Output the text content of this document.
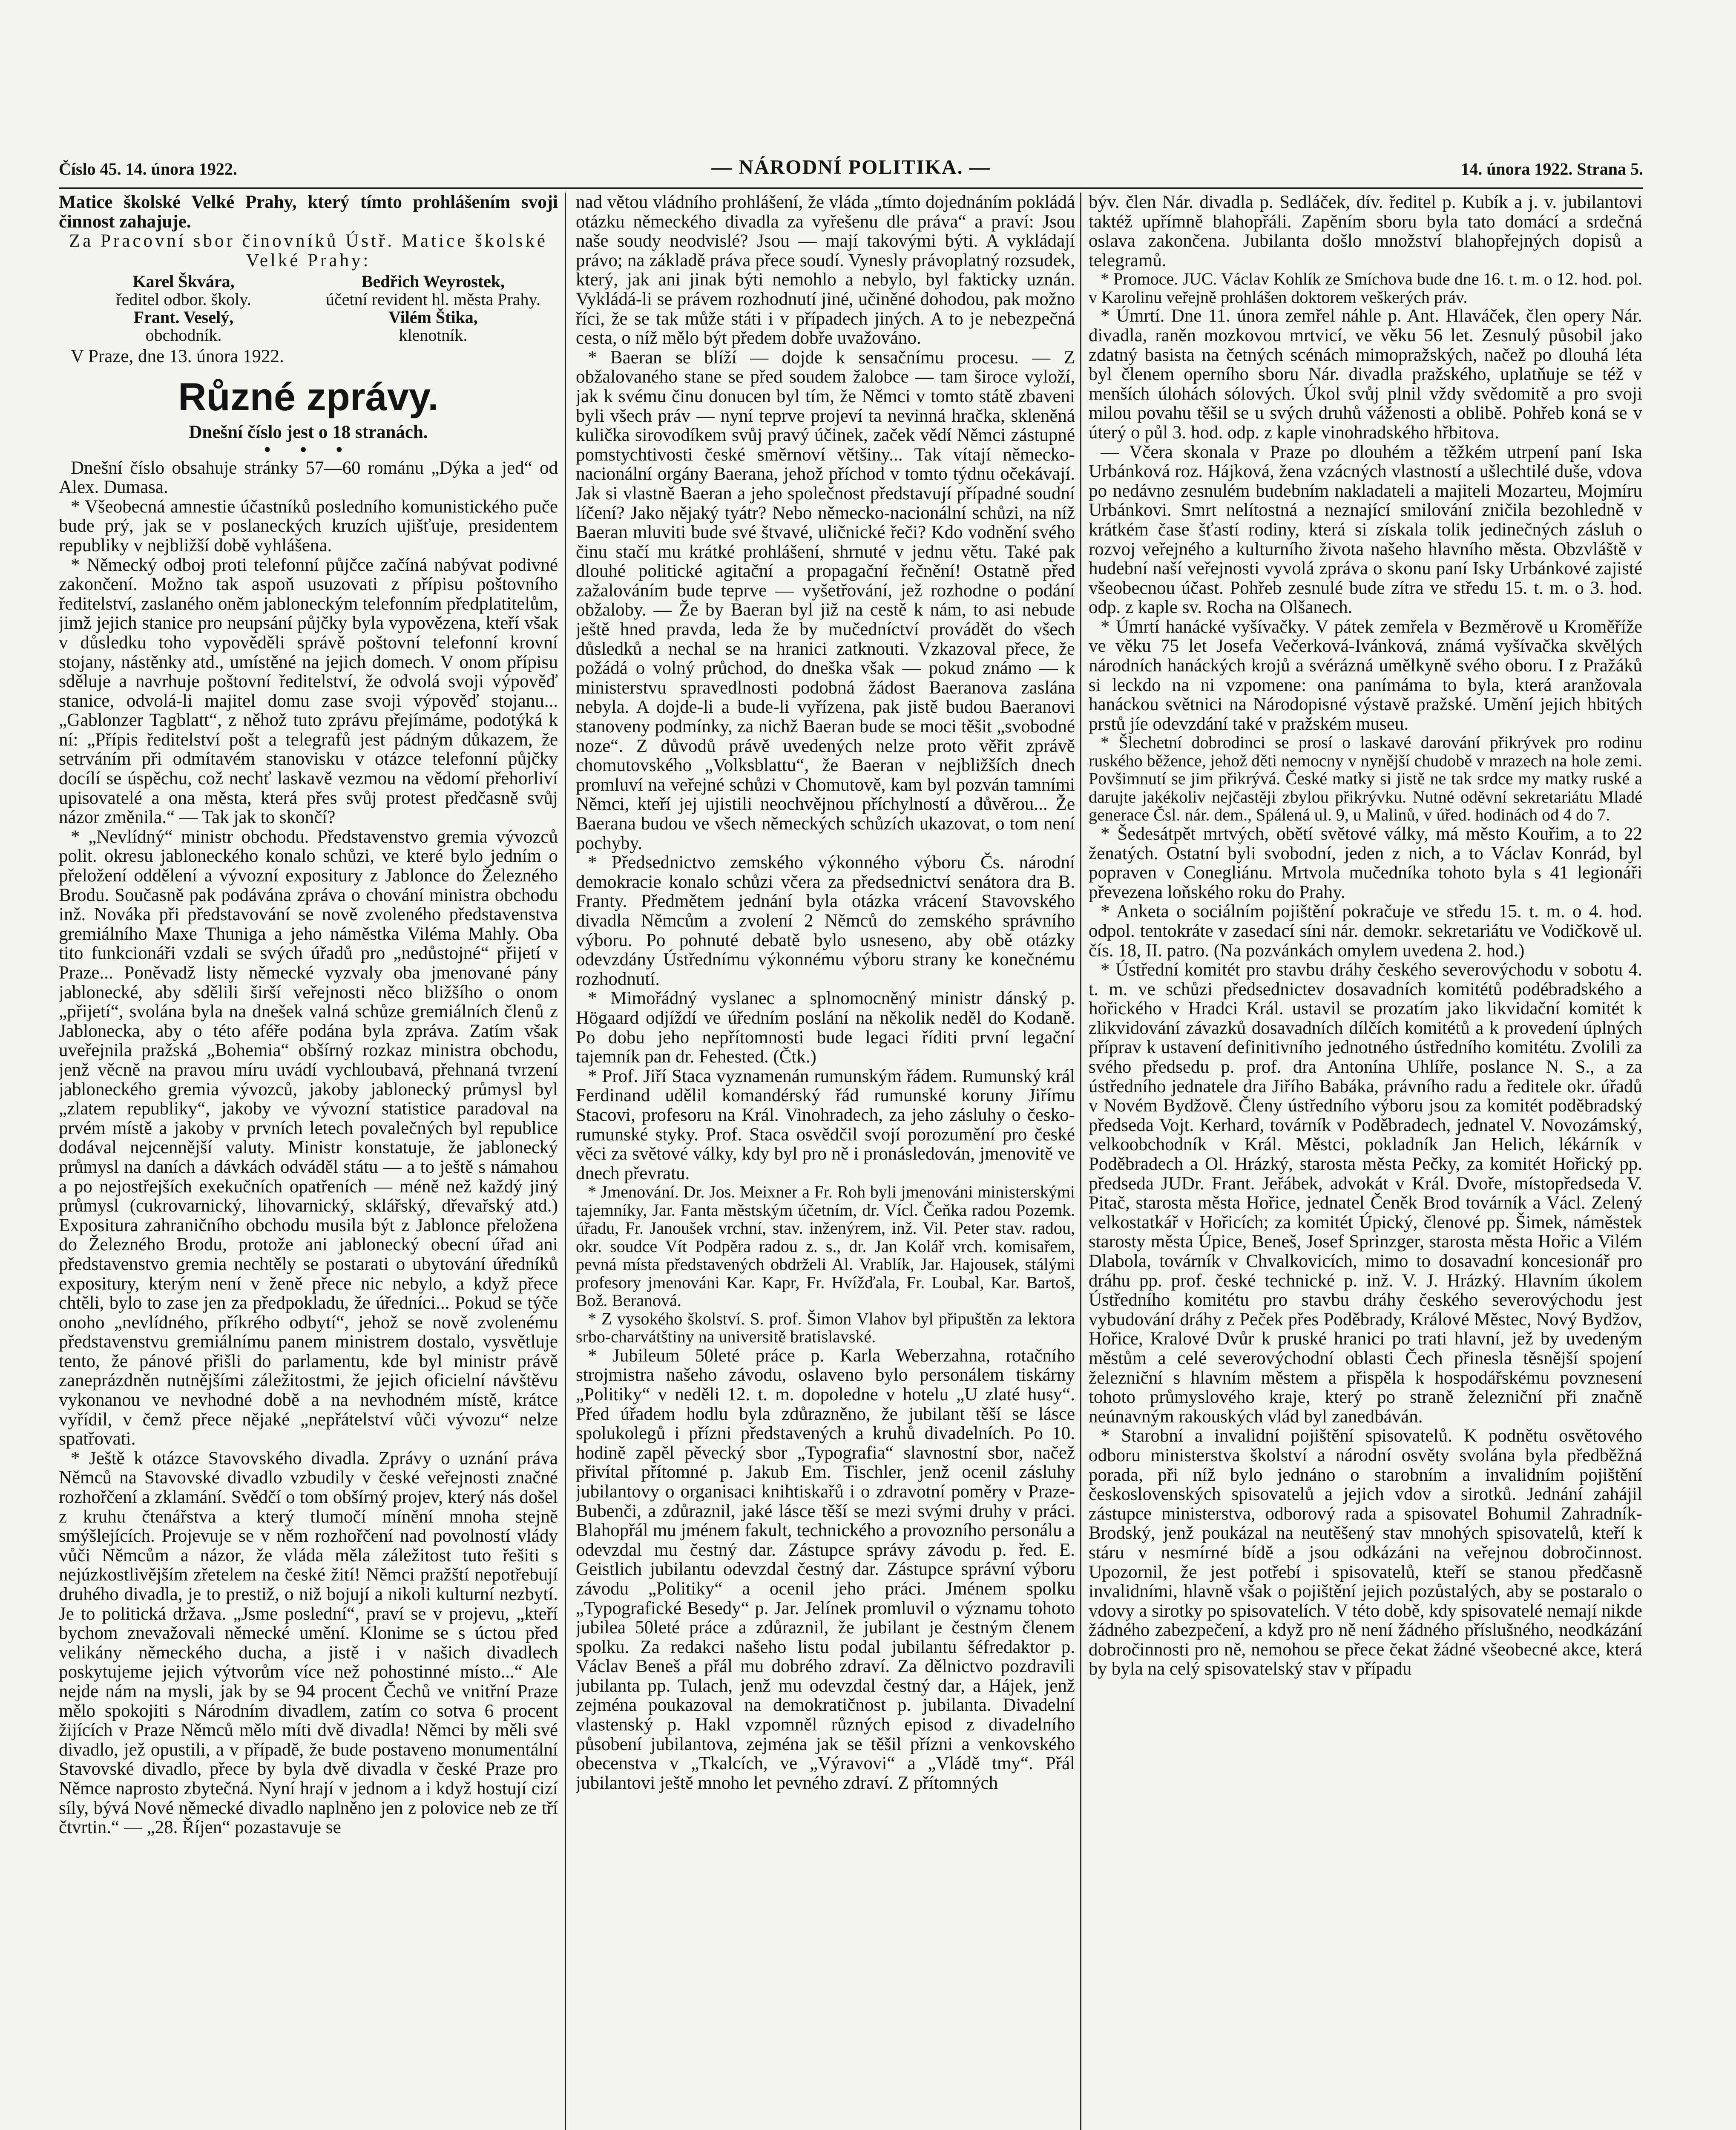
Číslo 45. 14. února 1922.	— NÁRODNÍ POLITIKA. —	14. února 1922. Strana 5.

Matice školské Velké Prahy, který tímto prohlášením svoji činnost zahajuje.

Za Pracovní sbor činovníků Ústř. Matice školské Velké Prahy:

Karel Škvára,
ředitel odbor. školy.
Bedřich Weyrostek,
účetní revident hl. města Prahy.
Frant. Veselý,
obchodník.
Vilém Štika,
klenotník.

V Praze, dne 13. února 1922.

Různé zprávy.

Dnešní číslo jest o 18 stranách.

• • •

Dnešní číslo obsahuje stránky 57—60 románu „Dýka a jed“ od Alex. Dumasa.

* Všeobecná amnestie účastníků posledního komunistického puče bude prý, jak se v poslaneckých kruzích ujišťuje, presidentem republiky v nejbližší době vyhlášena.

* Německý odboj proti telefonní půjčce začíná nabývat podivné zakončení. Možno tak aspoň usuzovati z přípisu poštovního ředitelství, zaslaného oněm jabloneckým telefonním předplatitelům, jimž jejich stanice pro neupsání půjčky byla vypovězena, kteří však v důsledku toho vypověděli správě poštovní telefonní krovní stojany, nástěnky atd., umístěné na jejich domech. V onom přípisu sděluje a navrhuje poštovní ředitelství, že odvolá svoji výpověď stanice, odvolá-li majitel domu zase svoji výpověď stojanu... „Gablonzer Tagblatt“, z něhož tuto zprávu přejímáme, podotýká k ní: „Přípis ředitelství pošt a telegrafů jest pádným důkazem, že setrváním při odmítavém stanovisku v otázce telefonní půjčky docílí se úspěchu, což nechť laskavě vezmou na vědomí přehorliví upisovatelé a ona města, která přes svůj protest předčasně svůj názor změnila.“ — Tak jak to skončí?

* „Nevlídný“ ministr obchodu. Představenstvo gremia vývozců polit. okresu jabloneckého konalo schůzi, ve které bylo jedním o přeložení oddělení a vývozní expositury z Jablonce do Železného Brodu. Současně pak podávána zpráva o chování ministra obchodu inž. Nováka při představování se nově zvoleného představenstva gremiálního Maxe Thuniga a jeho náměstka Viléma Mahly. Oba tito funkcionáři vzdali se svých úřadů pro „nedůstojné“ přijetí v Praze... Poněvadž listy německé vyzvaly oba jmenované pány jablonecké, aby sdělili širší veřejnosti něco bližšího o onom „přijetí“, svolána byla na dnešek valná schůze gremiálních členů z Jablonecka, aby o této aféře podána byla zpráva. Zatím však uveřejnila pražská „Bohemia“ obšírný rozkaz ministra obchodu, jenž věcně na pravou míru uvádí vychloubavá, přehnaná tvrzení jabloneckého gremia vývozců, jakoby jablonecký průmysl byl „zlatem republiky“, jakoby ve vývozní statistice paradoval na prvém místě a jakoby v prvních letech povalečných byl republice dodával nejcennější valuty. Ministr konstatuje, že jablonecký průmysl na daních a dávkách odváděl státu — a to ještě s námahou a po nejostřejších exekučních opatřeních — méně než každý jiný průmysl (cukrovarnický, lihovarnický, sklářský, dřevařský atd.) Expositura zahraničního obchodu musila být z Jablonce přeložena do Železného Brodu, protože ani jablonecký obecní úřad ani představenstvo gremia nechtěly se postarati o ubytování úředníků expositury, kterým není v ženě přece nic nebylo, a když přece chtěli, bylo to zase jen za předpokladu, že úředníci... Pokud se týče onoho „nevlídného, příkrého odbytí“, jehož se nově zvolenému představenstvu gremiálnímu panem ministrem dostalo, vysvětluje tento, že pánové přišli do parlamentu, kde byl ministr právě zaneprázdněn nutnějšími záležitostmi, že jejich oficielní návštěvu vykonanou ve nevhodné době a na nevhodném místě, krátce vyřídil, v čemž přece nějaké „nepřátelství vůči vývozu“ nelze spatřovati.

* Ještě k otázce Stavovského divadla. Zprávy o uznání práva Němců na Stavovské divadlo vzbudily v české veřejnosti značné rozhořčení a zklamání. Svědčí o tom obšírný projev, který nás došel z kruhu čtenářstva a který tlumočí mínění mnoha stejně smýšlejících. Projevuje se v něm rozhořčení nad povolností vlády vůči Němcům a názor, že vláda měla záležitost tuto řešiti s nejúzkostlivějším zřetelem na české žití! Němci pražští nepotřebují druhého divadla, je to prestiž, o niž bojují a nikoli kulturní nezbytí. Je to politická država. „Jsme poslední“, praví se v projevu, „kteří bychom znevažovali německé umění. Klonime se s úctou před velikány německého ducha, a jistě i v našich divadlech poskytujeme jejich výtvorům více než pohostinné místo...“ Ale nejde nám na mysli, jak by se 94 procent Čechů ve vnitřní Praze mělo spokojiti s Národním divadlem, zatím co sotva 6 procent žijících v Praze Němců mělo míti dvě divadla! Němci by měli své divadlo, jež opustili, a v případě, že bude postaveno monumentální Stavovské divadlo, přece by byla dvě divadla v české Praze pro Němce naprosto zbytečná. Nyní hrají v jednom a i když hostují cizí síly, bývá Nové německé divadlo naplněno jen z polovice neb ze tří čtvrtin.“ — „28. Říjen“ pozastavuje se

nad větou vládního prohlášení, že vláda „tímto dojednáním pokládá otázku německého divadla za vyřešenu dle práva“ a praví: Jsou naše soudy neodvislé? Jsou — mají takovými býti. A vykládají právo; na základě práva přece soudí. Vynesly právoplatný rozsudek, který, jak ani jinak býti nemohlo a nebylo, byl fakticky uznán. Vykládá-li se právem rozhodnutí jiné, učiněné dohodou, pak možno říci, že se tak může státi i v případech jiných. A to je nebezpečná cesta, o níž mělo být předem dobře uvažováno.

* Baeran se blíží — dojde k sensačnímu procesu. — Z obžalovaného stane se před soudem žalobce — tam široce vyloží, jak k svému činu donucen byl tím, že Němci v tomto státě zbaveni byli všech práv — nyní teprve projeví ta nevinná hračka, skleněná kulička sirovodíkem svůj pravý účinek, začek vědí Němci zástupné pomstychtivosti české směrnoví většiny... Tak vítají německo-nacionální orgány Baerana, jehož příchod v tomto týdnu očekávají. Jak si vlastně Baeran a jeho společnost představují případné soudní líčení? Jako nějaký tyátr? Nebo německo-nacionální schůzi, na níž Baeran mluviti bude své štvavé, uličnické řeči? Kdo vodnění svého činu stačí mu krátké prohlášení, shrnuté v jednu větu. Také pak dlouhé politické agitační a propagační řečnění! Ostatně před zažalováním bude teprve — vyšetřování, jež rozhodne o podání obžaloby. — Že by Baeran byl již na cestě k nám, to asi nebude ještě hned pravda, leda že by mučedníctví provádět do všech důsledků a nechal se na hranici zatknouti. Vzkazoval přece, že požádá o volný průchod, do dneška však — pokud známo — k ministerstvu spravedlnosti podobná žádost Baeranova zaslána nebyla. A dojde-li a bude-li vyřízena, pak jistě budou Baeranovi stanoveny podmínky, za nichž Baeran bude se moci těšit „svobodné noze“. Z důvodů právě uvedených nelze proto věřit zprávě chomutovského „Volksblattu“, že Baeran v nejbližších dnech promluví na veřejné schůzi v Chomutově, kam byl pozván tamními Němci, kteří jej ujistili neochvějnou příchylností a důvěrou... Že Baerana budou ve všech německých schůzích ukazovat, o tom není pochyby.

* Předsednictvo zemského výkonného výboru Čs. národní demokracie konalo schůzi včera za předsednictví senátora dra B. Franty. Předmětem jednání byla otázka vrácení Stavovského divadla Němcům a zvolení 2 Němců do zemského správního výboru. Po pohnuté debatě bylo usneseno, aby obě otázky odevzdány Ústřednímu výkonnému výboru strany ke konečnému rozhodnutí.

* Mimořádný vyslanec a splnomocněný ministr dánský p. Högaard odjíždí ve úředním poslání na několik neděl do Kodaně. Po dobu jeho nepřítomnosti bude legaci říditi první legační tajemník pan dr. Fehested. (Čtk.)

* Prof. Jiří Staca vyznamenán rumunským řádem. Rumunský král Ferdinand udělil komandérský řád rumunské koruny Jiřímu Stacovi, profesoru na Král. Vinohradech, za jeho zásluhy o česko-rumunské styky. Prof. Staca osvědčil svojí porozumění pro české věci za světové války, kdy byl pro ně i pronásledován, jmenovitě ve dnech převratu.

* Jmenování. Dr. Jos. Meixner a Fr. Roh byli jmenováni ministerskými tajemníky, Jar. Fanta městským účetním, dr. Vícl. Čeňka radou Pozemk. úřadu, Fr. Janoušek vrchní, stav. inženýrem, inž. Vil. Peter stav. radou, okr. soudce Vít Podpěra radou z. s., dr. Jan Kolář vrch. komisařem, pevná místa představených obdrželi Al. Vrablík, Jar. Hajousek, stálými profesory jmenováni Kar. Kapr, Fr. Hvížďala, Fr. Loubal, Kar. Bartoš, Bož. Beranová.

* Z vysokého školství. S. prof. Šimon Vlahov byl připuštěn za lektora srbo-charvátštiny na universitě bratislavské.

* Jubileum 50leté práce p. Karla Weberzahna, rotačního strojmistra našeho závodu, oslaveno bylo personálem tiskárny „Politiky“ v neděli 12. t. m. dopoledne v hotelu „U zlaté husy“. Před úřadem hodlu byla zdůrazněno, že jubilant těší se lásce spolukolegů i přízni představených a kruhů divadelních. Po 10. hodině zapěl pěvecký sbor „Typografia“ slavnostní sbor, načež přivítal přítomné p. Jakub Em. Tischler, jenž ocenil zásluhy jubilantovy o organisaci knihtiskařů i o zdravotní poměry v Praze-Bubenči, a zdůraznil, jaké lásce těší se mezi svými druhy v práci. Blahopřál mu jménem fakult, technického a provozního personálu a odevzdal mu čestný dar. Zástupce správy závodu p. řed. E. Geistlich jubilantu odevzdal čestný dar. Zástupce správní výboru závodu „Politiky“ a ocenil jeho práci. Jménem spolku „Typografické Besedy“ p. Jar. Jelínek promluvil o významu tohoto jubilea 50leté práce a zdůraznil, že jubilant je čestným členem spolku. Za redakci našeho listu podal jubilantu šéfredaktor p. Václav Beneš a přál mu dobrého zdraví. Za dělnictvo pozdravili jubilanta pp. Tulach, jenž mu odevzdal čestný dar, a Hájek, jenž zejména poukazoval na demokratičnost p. jubilanta. Divadelní vlastenský p. Hakl vzpomněl různých episod z divadelního působení jubilantova, zejména jak se těšil přízni a venkovského obecenstva v „Tkalcích, ve „Výravovi“ a „Vládě tmy“. Přál jubilantovi ještě mnoho let pevného zdraví. Z přítomných

býv. člen Nár. divadla p. Sedláček, dív. ředitel p. Kubík a j. v. jubilantovi taktéž upřímně blahopřáli. Zapěním sboru byla tato domácí a srdečná oslava zakončena. Jubilanta došlo množství blahopřejných dopisů a telegramů.

* Promoce. JUC. Václav Kohlík ze Smíchova bude dne 16. t. m. o 12. hod. pol. v Karolinu veřejně prohlášen doktorem veškerých práv.

* Úmrtí. Dne 11. února zemřel náhle p. Ant. Hlaváček, člen opery Nár. divadla, raněn mozkovou mrtvicí, ve věku 56 let. Zesnulý působil jako zdatný basista na četných scénách mimopražských, načež po dlouhá léta byl členem operního sboru Nár. divadla pražského, uplatňuje se též v menších úlohách sólových. Úkol svůj plnil vždy svědomitě a pro svoji milou povahu těšil se u svých druhů váženosti a oblibě. Pohřeb koná se v úterý o půl 3. hod. odp. z kaple vinohradského hřbitova.

— Včera skonala v Praze po dlouhém a těžkém utrpení paní Iska Urbánková roz. Hájková, žena vzácných vlastností a ušlechtilé duše, vdova po nedávno zesnulém budebním nakladateli a majiteli Mozarteu, Mojmíru Urbánkovi. Smrt nelítostná a neznající smilování zničila bezohledně v krátkém čase šťastí rodiny, která si získala tolik jedinečných zásluh o rozvoj veřejného a kulturního života našeho hlavního města. Obzvláště v hudební naší veřejnosti vyvolá zpráva o skonu paní Isky Urbánkové zajisté všeobecnou účast. Pohřeb zesnulé bude zítra ve středu 15. t. m. o 3. hod. odp. z kaple sv. Rocha na Olšanech.

* Úmrtí hanácké vyšívačky. V pátek zemřela v Bezměrově u Kroměříže ve věku 75 let Josefa Večerková-Ivánková, známá vyšívačka skvělých národních hanáckých krojů a svérázná umělkyně svého oboru. I z Pražáků si leckdo na ni vzpomene: ona panímáma to byla, která aranžovala hanáckou světnici na Národopisné výstavě pražské. Umění jejich hbitých prstů jíe odevzdání také v pražském museu.

* Šlechetní dobrodinci se prosí o laskavé darování přikrývek pro rodinu ruského běžence, jehož děti nemocny v nynější chudobě v mrazech na hole zemi. Povšimnutí se jim přikrývá. České matky si jistě ne tak srdce my matky ruské a darujte jakékoliv nejčastěji zbylou přikrývku. Nutné oděvní sekretariátu Mladé generace Čsl. nár. dem., Spálená ul. 9, u Malinů, v úřed. hodinách od 4 do 7.

* Šedesátpět mrtvých, obětí světové války, má město Kouřim, a to 22 ženatých. Ostatní byli svobodní, jeden z nich, a to Václav Konrád, byl popraven v Conegliánu. Mrtvola mučedníka tohoto byla s 41 legionáři převezena loňského roku do Prahy.

* Anketa o sociálním pojištění pokračuje ve středu 15. t. m. o 4. hod. odpol. tentokráte v zasedací síni nár. demokr. sekretariátu ve Vodičkově ul. čís. 18, II. patro. (Na pozvánkách omylem uvedena 2. hod.)

* Ústřední komitét pro stavbu dráhy českého severovýchodu v sobotu 4. t. m. ve schůzi předsednictev dosavadních komitétů podébradského a hořického v Hradci Král. ustavil se prozatím jako likvidační komitét k zlikvidování závazků dosavadních dílčích komitétů a k provedení úplných příprav k ustavení definitivního jednotného ústředního komitétu. Zvolili za svého předsedu p. prof. dra Antonína Uhlíře, poslance N. S., a za ústředního jednatele dra Jiřího Babáka, právního radu a ředitele okr. úřadů v Novém Bydžově. Členy ústředního výboru jsou za komitét poděbradský předseda Vojt. Kerhard, továrník v Poděbradech, jednatel V. Novozámský, velkoobchodník v Král. Městci, pokladník Jan Helich, lékárník v Poděbradech a Ol. Hrázký, starosta města Pečky, za komitét Hořický pp. předseda JUDr. Frant. Jeřábek, advokát v Král. Dvoře, místopředseda V. Pitač, starosta města Hořice, jednatel Čeněk Brod továrník a Václ. Zelený velkostatkář v Hořicích; za komitét Úpický, členové pp. Šimek, náměstek starosty města Úpice, Beneš, Josef Sprinzger, starosta města Hořic a Vilém Dlabola, továrník v Chvalkovicích, mimo to dosavadní koncesionář pro dráhu pp. prof. české technické p. inž. V. J. Hrázký. Hlavním úkolem Ústředního komitétu pro stavbu dráhy českého severovýchodu jest vybudování dráhy z Peček přes Poděbrady, Králové Městec, Nový Bydžov, Hořice, Kralové Dvůr k pruské hranici po trati hlavní, jež by uvedeným městům a celé severovýchodní oblasti Čech přinesla těsnější spojení železniční s hlavním městem a přispěla k hospodářskému povznesení tohoto průmyslového kraje, který po straně železniční při značně neúnavným rakouských vlád byl zanedbáván.

* Starobní a invalidní pojištění spisovatelů. K podnětu osvětového odboru ministerstva školství a národní osvěty svolána byla předběžná porada, při níž bylo jednáno o starobním a invalidním pojištění československých spisovatelů a jejich vdov a sirotků. Jednání zahájil zástupce ministerstva, odborový rada a spisovatel Bohumil Zahradník-Brodský, jenž poukázal na neutěšený stav mnohých spisovatelů, kteří k stáru v nesmírné bídě a jsou odkázáni na veřejnou dobročinnost. Upozornil, že jest potřebí i spisovatelů, kteří se stanou předčasně invalidními, hlavně však o pojištění jejich pozůstalých, aby se postaralo o vdovy a sirotky po spisovatelích. V této době, kdy spisovatelé nemají nikde žádného zabezpečení, a když pro ně není žádného příslušného, neodkázání dobročinnosti pro ně, nemohou se přece čekat žádné všeobecné akce, která by byla na celý spisovatelský stav v případu
